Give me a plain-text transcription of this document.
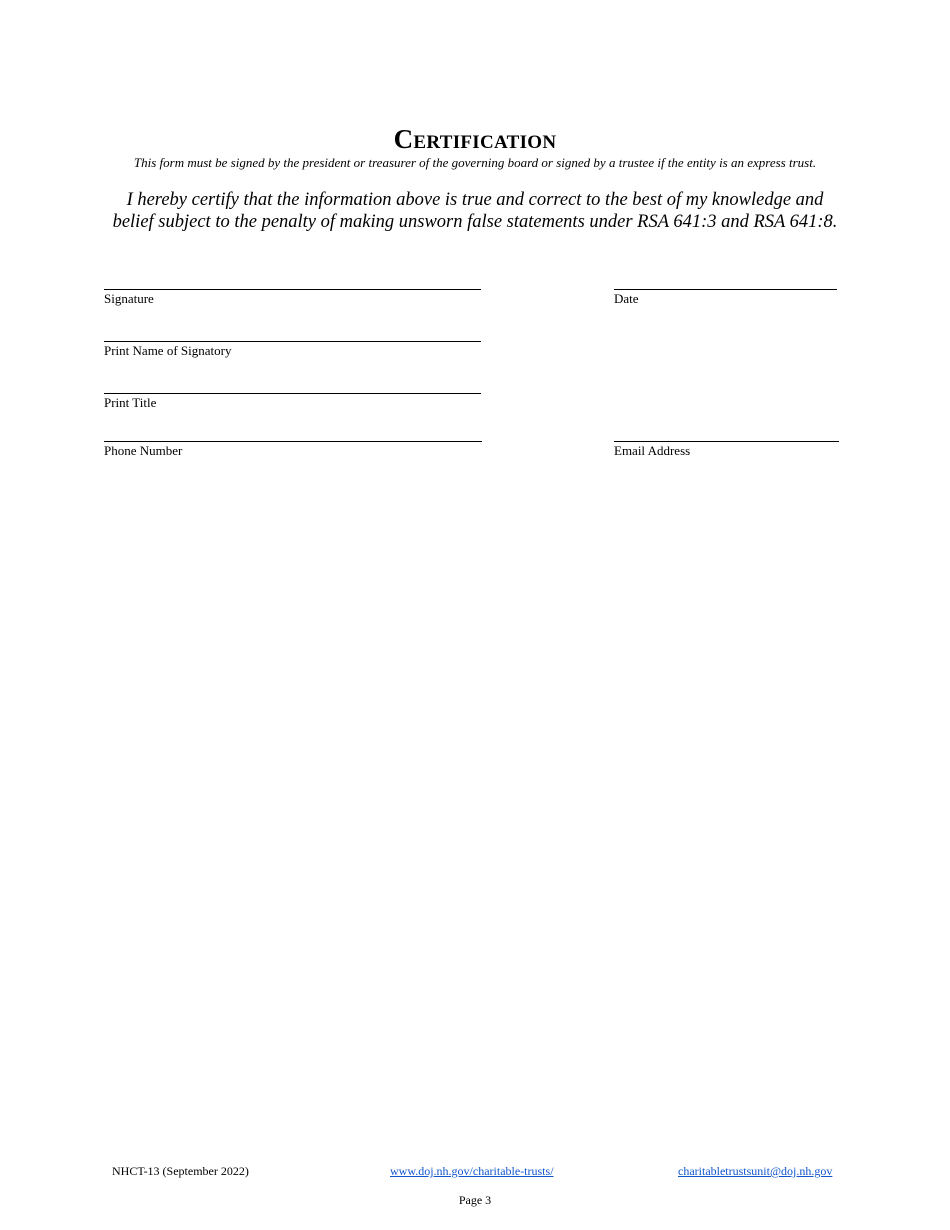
Certification
This form must be signed by the president or treasurer of the governing board or signed by a trustee if the entity is an express trust.
I hereby certify that the information above is true and correct to the best of my knowledge and
belief subject to the penalty of making unsworn false statements under RSA 641:3 and RSA 641:8.
Signature	Date
Print Name of Signatory
Print Title
Phone Number	Email Address
NHCT-13 (September 2022)	www.doj.nh.gov/charitable-trusts/	charitabletrustsunit@doj.nh.gov
Page 3
